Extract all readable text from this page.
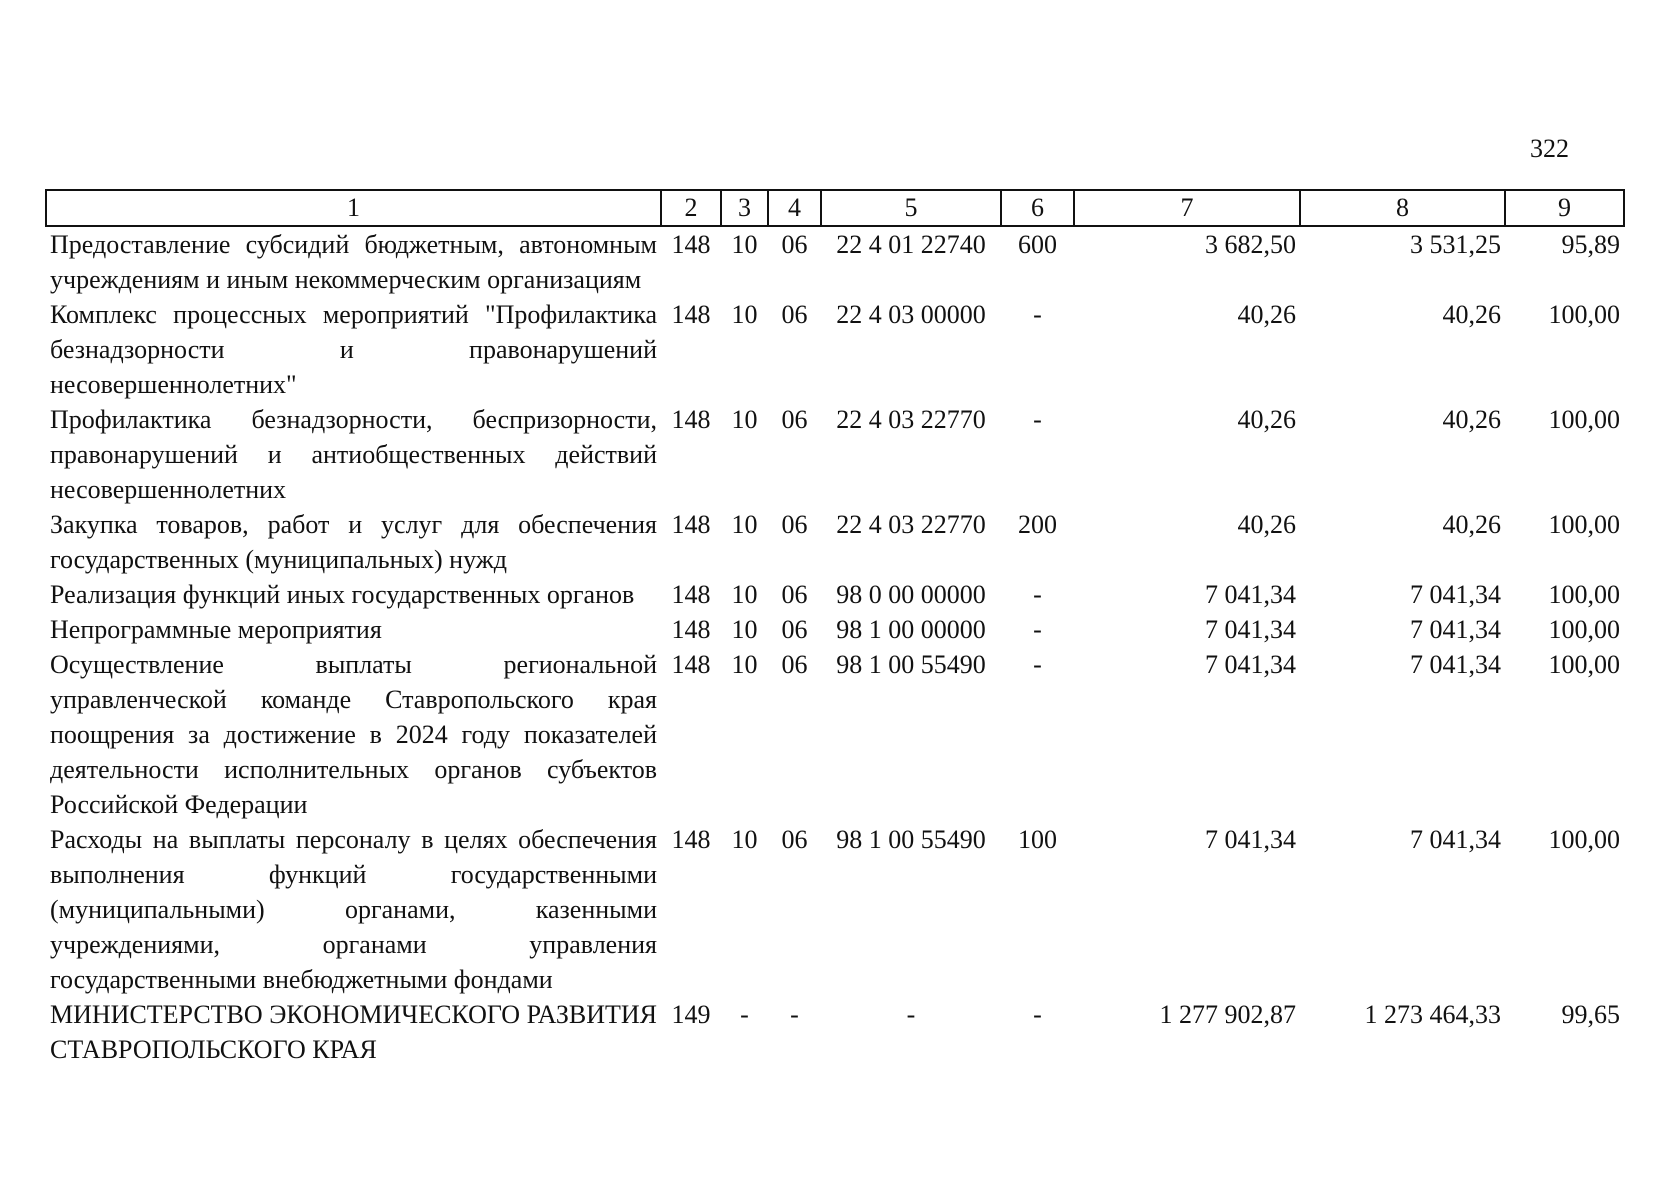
322
1	2	3	4	5	6	7	8	9
Предоставление субсидий бюджетным, автономным учреждениям и иным некоммерческим организациям	148	10	06	22 4 01 22740	600	3 682,50	3 531,25	95,89
Комплекс процессных мероприятий "Профилактика безнадзорности и правонарушений несовершеннолетних"	148	10	06	22 4 03 00000	-	40,26	40,26	100,00
Профилактика безнадзорности, беспризорности, правонарушений и антиобщественных действий несовершеннолетних	148	10	06	22 4 03 22770	-	40,26	40,26	100,00
Закупка товаров, работ и услуг для обеспечения государственных (муниципальных) нужд	148	10	06	22 4 03 22770	200	40,26	40,26	100,00
Реализация функций иных государственных органов	148	10	06	98 0 00 00000	-	7 041,34	7 041,34	100,00
Непрограммные мероприятия	148	10	06	98 1 00 00000	-	7 041,34	7 041,34	100,00
Осуществление выплаты региональной управленческой команде Ставропольского края поощрения за достижение в 2024 году показателей деятельности исполнительных органов субъектов Российской Федерации	148	10	06	98 1 00 55490	-	7 041,34	7 041,34	100,00
Расходы на выплаты персоналу в целях обеспечения выполнения функций государственными (муниципальными) органами, казенными учреждениями, органами управления государственными внебюджетными фондами	148	10	06	98 1 00 55490	100	7 041,34	7 041,34	100,00
МИНИСТЕРСТВО ЭКОНОМИЧЕСКОГО РАЗВИТИЯ СТАВРОПОЛЬСКОГО КРАЯ	149	-	-	-	-	1 277 902,87	1 273 464,33	99,65
